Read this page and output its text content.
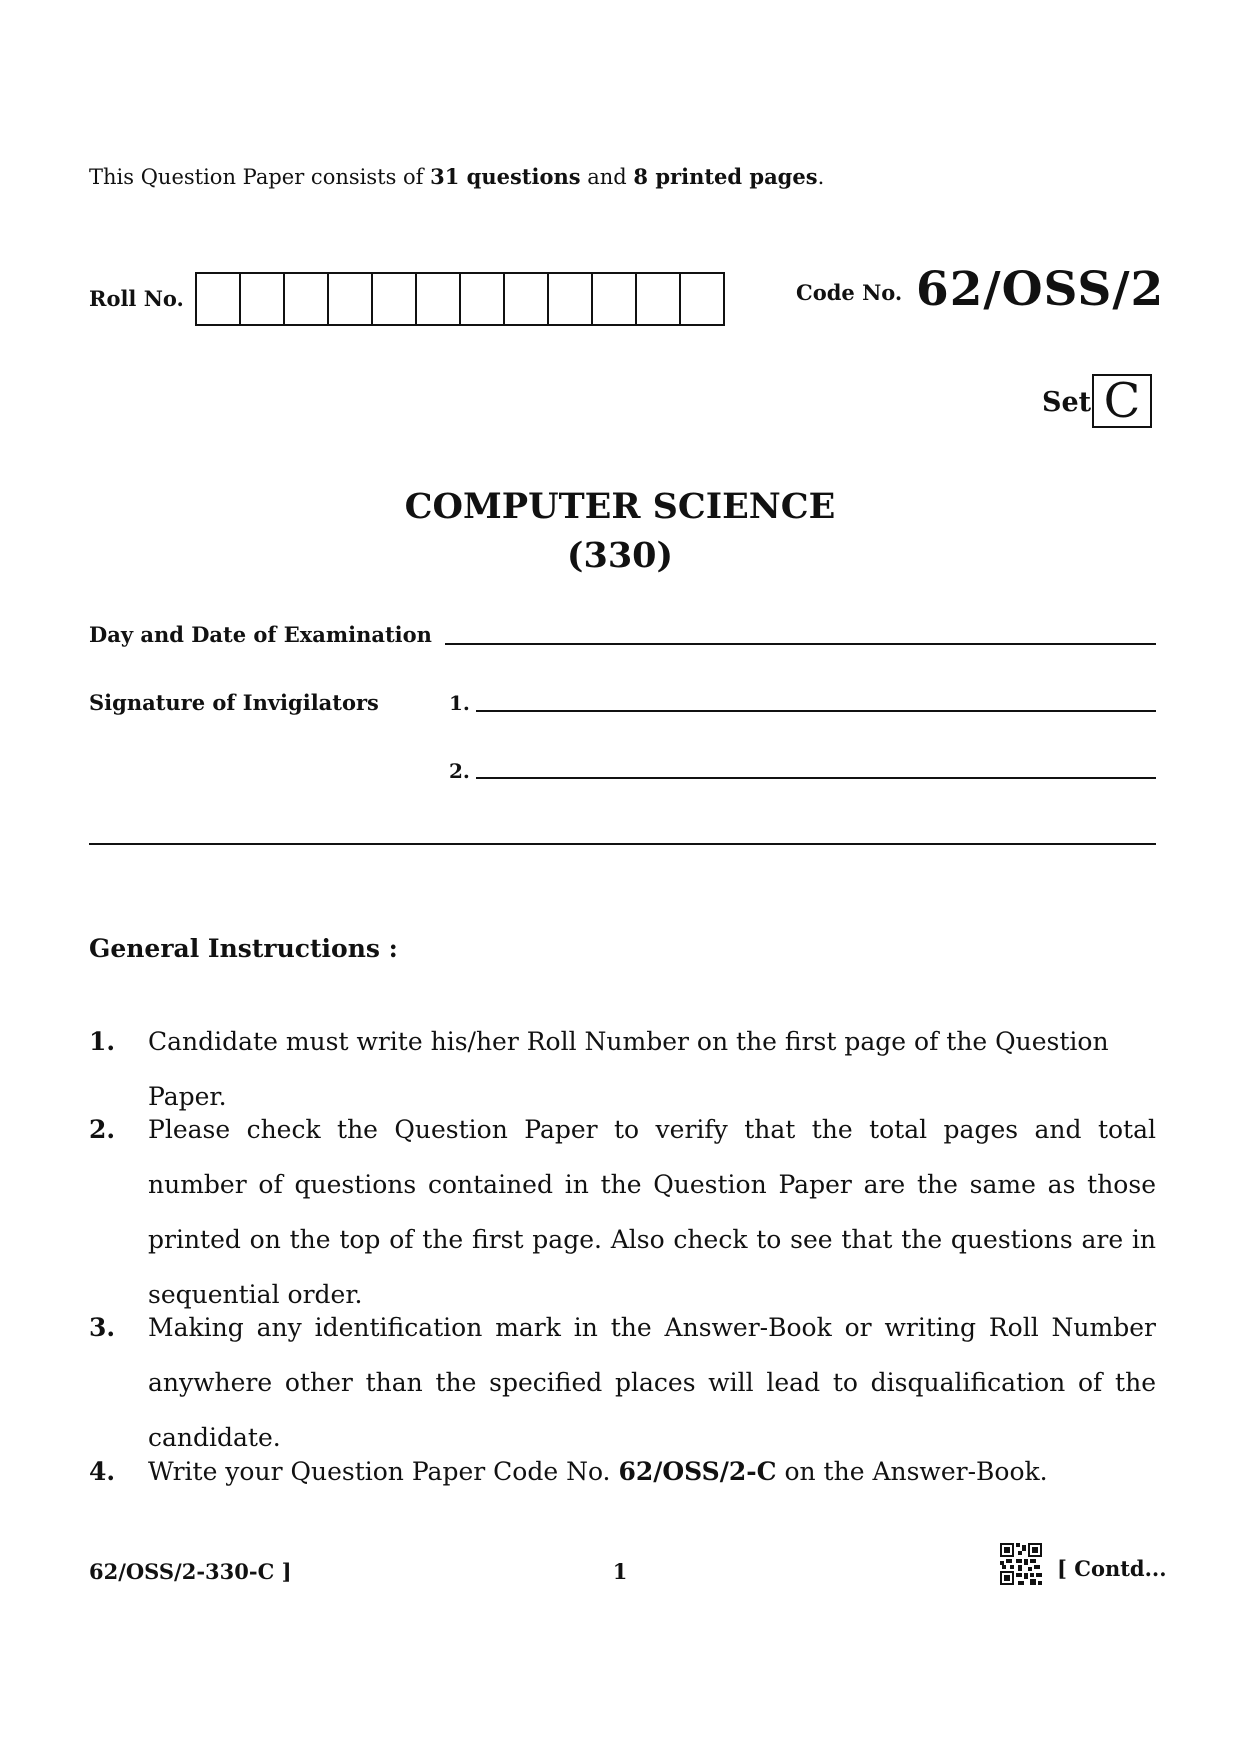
This Question Paper consists of 31 questions and 8 printed pages.
Roll No.	Code No. 62/OSS/2
Set C
COMPUTER SCIENCE
(330)
Day and Date of Examination
Signature of Invigilators	1.
2.
General Instructions :
1. Candidate must write his/her Roll Number on the first page of the Question Paper.
2. Please check the Question Paper to verify that the total pages and total number of questions contained in the Question Paper are the same as those printed on the top of the first page. Also check to see that the questions are in sequential order.
3. Making any identification mark in the Answer-Book or writing Roll Number anywhere other than the specified places will lead to disqualification of the candidate.
4. Write your Question Paper Code No. 62/OSS/2-C on the Answer-Book.
62/OSS/2-330-C ]	1	[ Contd...
